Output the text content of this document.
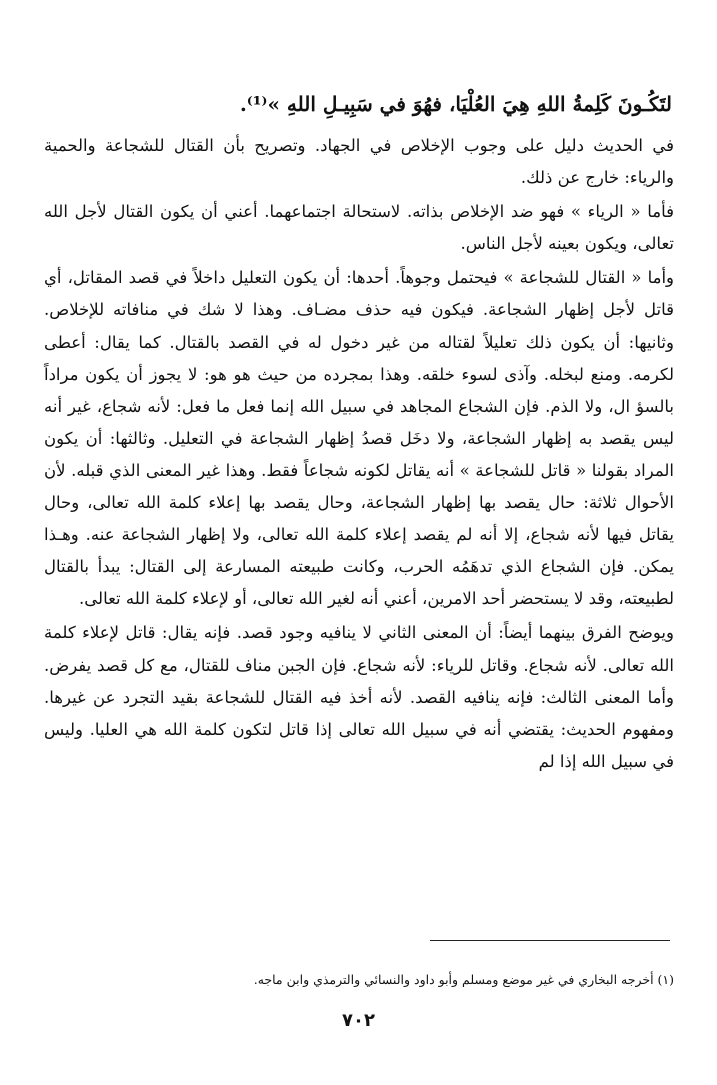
لتَكُـونَ كَلِمةُ اللهِ هِيَ العُلْيَا، فهُوَ في سَبِيـلِ اللهِ »⁽¹⁾.

في الحديث دليل على وجوب الإخلاص في الجهاد. وتصريح بأن القتال للشجاعة والحمية والرياء: خارج عن ذلك.

فأما « الرياء » فهو ضد الإخلاص بذاته. لاستحالة اجتماعهما. أعني أن يكون القتال لأجل الله تعالى، ويكون بعينه لأجل الناس.

وأما « القتال للشجاعة » فيحتمل وجوهاً. أحدها: أن يكون التعليل داخلاً في قصد المقاتل، أي قاتل لأجل إظهار الشجاعة. فيكون فيه حذف مضـاف. وهذا لا شك في منافاته للإخلاص. وثانيها: أن يكون ذلك تعليلاً لقتاله من غير دخول له في القصد بالقتال. كما يقال: أعطى لكرمه. ومنع لبخله. وآذى لسوء خلقه. وهذا بمجرده من حيث هو هو: لا يجوز أن يكون مراداً بالسؤ ال، ولا الذم. فإن الشجاع المجاهد في سبيل الله إنما فعل ما فعل: لأنه شجاع، غير أنه ليس يقصد به إظهار الشجاعة، ولا دخَل قصدُ إظهار الشجاعة في التعليل. وثالثها: أن يكون المراد بقولنا « قاتل للشجاعة » أنه يقاتل لكونه شجاعاً فقط. وهذا غير المعنى الذي قبله. لأن الأحوال ثلاثة: حال يقصد بها إظهار الشجاعة، وحال يقصد بها إعلاء كلمة الله تعالى، وحال يقاتل فيها لأنه شجاع، إلا أنه لم يقصد إعلاء كلمة الله تعالى، ولا إظهار الشجاعة عنه. وهـذا يمكن. فإن الشجاع الذي تدهَمُه الحرب، وكانت طبيعته المسارعة إلى القتال: يبدأ بالقتال لطبيعته، وقد لا يستحضر أحد الامرين، أعني أنه لغير الله تعالى، أو لإعلاء كلمة الله تعالى.

ويوضح الفرق بينهما أيضاً: أن المعنى الثاني لا ينافيه وجود قصد. فإنه يقال: قاتل لإعلاء كلمة الله تعالى. لأنه شجاع. وقاتل للرياء: لأنه شجاع. فإن الجبن مناف للقتال، مع كل قصد يفرض. وأما المعنى الثالث: فإنه ينافيه القصد. لأنه أخذ فيه القتال للشجاعة بقيد التجرد عن غيرها. ومفهوم الحديث: يقتضي أنه في سبيل الله تعالى إذا قاتل لتكون كلمة الله هي العليا. وليس في سبيل الله إذا لم

(١) أخرجه البخاري في غير موضع ومسلم وأبو داود والنسائي والترمذي وابن ماجه.
٧٠٢
